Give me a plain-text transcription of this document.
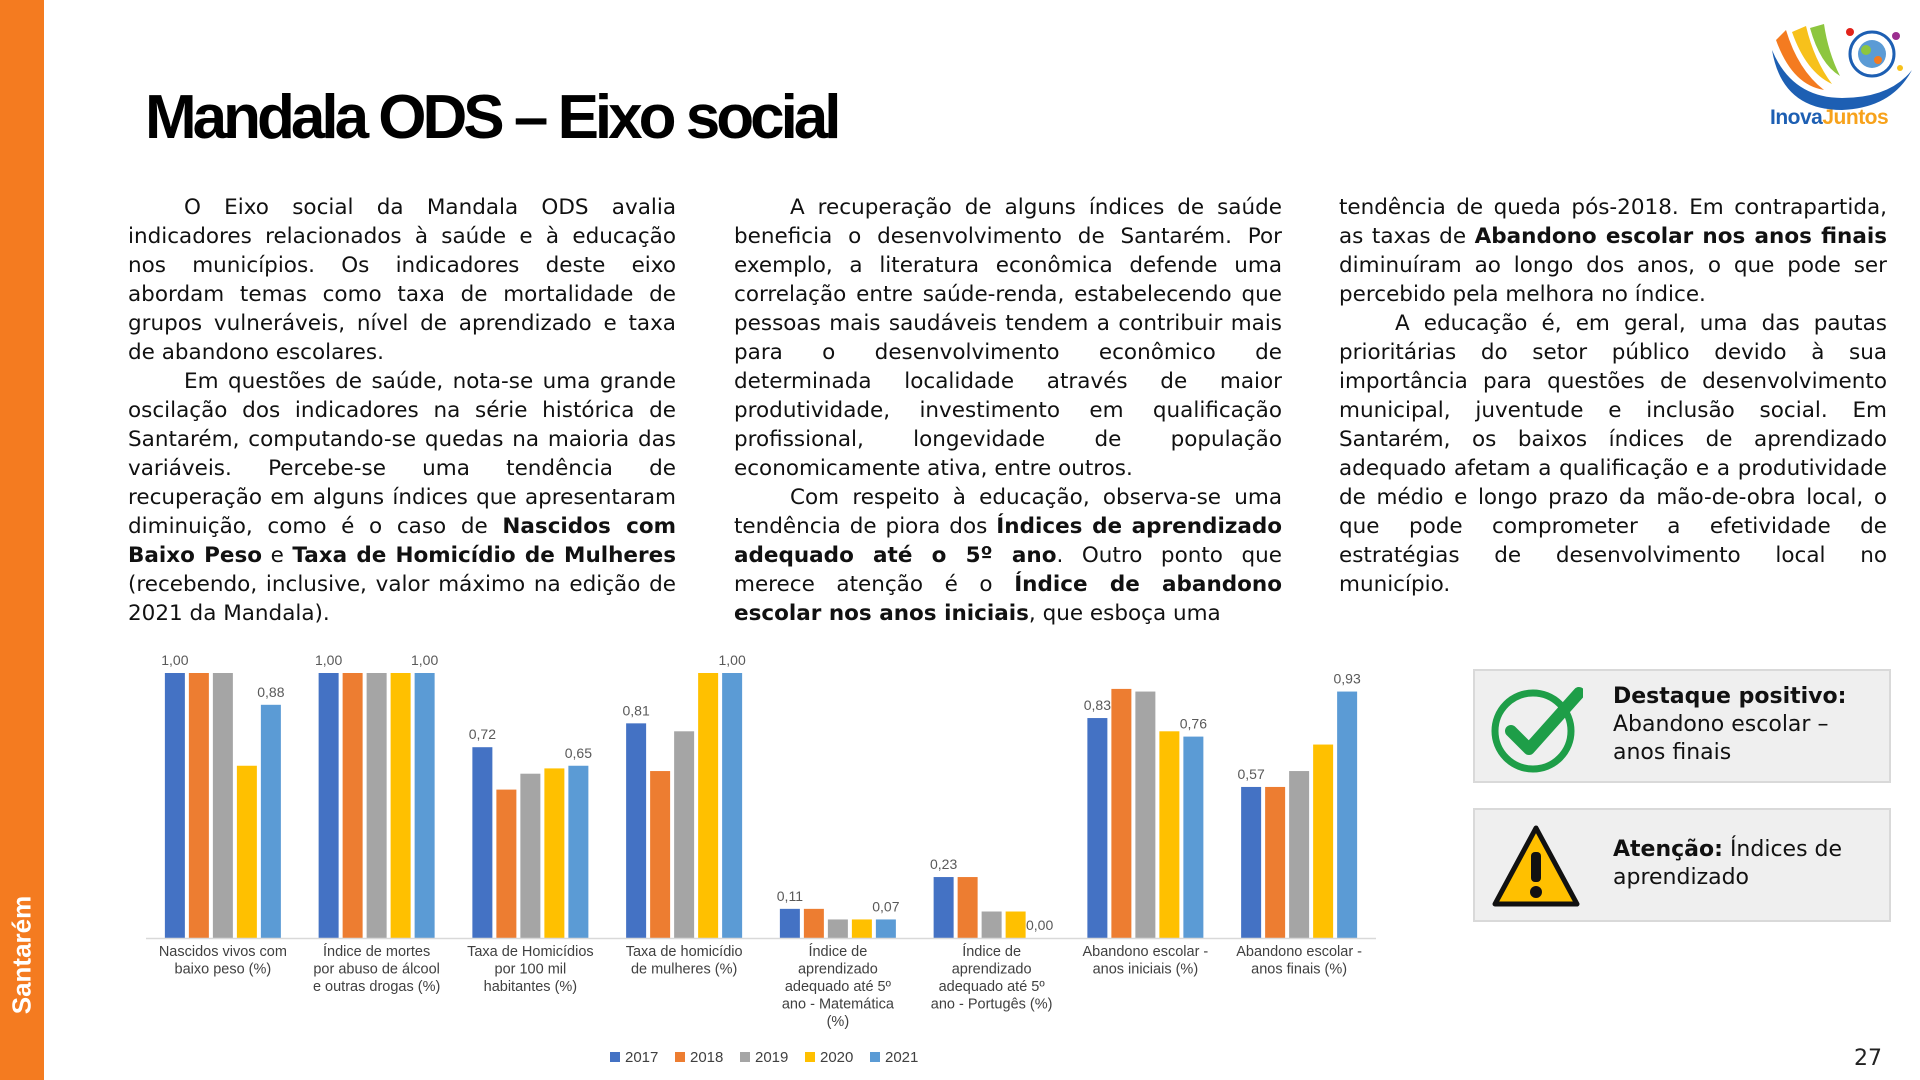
Santarém
Mandala ODS – Eixo social	InovaJuntos

O Eixo social da Mandala ODS avalia indicadores relacionados à saúde e à educação nos municípios. Os indicadores deste eixo abordam temas como taxa de mortalidade de grupos vulneráveis, nível de aprendizado e taxa de abandono escolares.

Em questões de saúde, nota-se uma grande oscilação dos indicadores na série histórica de Santarém, computando-se quedas na maioria das variáveis. Percebe-se uma tendência de recuperação em alguns índices que apresentaram diminuição, como é o caso de Nascidos com Baixo Peso e Taxa de Homicídio de Mulheres (recebendo, inclusive, valor máximo na edição de 2021 da Mandala).

A recuperação de alguns índices de saúde beneficia o desenvolvimento de Santarém. Por exemplo, a literatura econômica defende uma correlação entre saúde-renda, estabelecendo que pessoas mais saudáveis tendem a contribuir mais para o desenvolvimento econômico de determinada localidade através de maior produtividade, investimento em qualificação profissional, longevidade de população economicamente ativa, entre outros.

Com respeito à educação, observa-se uma tendência de piora dos Índices de aprendizado adequado até o 5º ano. Outro ponto que merece atenção é o Índice de abandono escolar nos anos iniciais, que esboça uma

tendência de queda pós-2018. Em contrapartida, as taxas de Abandono escolar nos anos finais diminuíram ao longo dos anos, o que pode ser percebido pela melhora no índice.

A educação é, em geral, uma das pautas prioritárias do setor público devido à sua importância para questões de desenvolvimento municipal, juventude e inclusão social. Em Santarém, os baixos índices de aprendizado adequado afetam a qualificação e a produtividade de médio e longo prazo da mão-de-obra local, o que pode comprometer a efetividade de estratégias de desenvolvimento local no município.

1,00
0,88
1,00	1,00
0,72
0,65
0,81
1,00
0,11
0,07
0,23
0,00
0,83
0,76
0,57
0,93
Nascidos vivos com baixo peso (%)
Índice de mortes por abuso de álcool e outras drogas (%)
Taxa de Homicídios por 100 mil habitantes (%)
Taxa de homicídio de mulheres (%)
Índice de aprendizado adequado até 5º ano - Matemática (%)
Índice de aprendizado adequado até 5º ano - Portugês (%)
Abandono escolar -anos iniciais (%)
Abandono escolar -anos finais (%)
2017 2018 2019 2020 2021
Destaque positivo:
Abandono escolar – anos finais
Atenção: Índices de aprendizado
27
